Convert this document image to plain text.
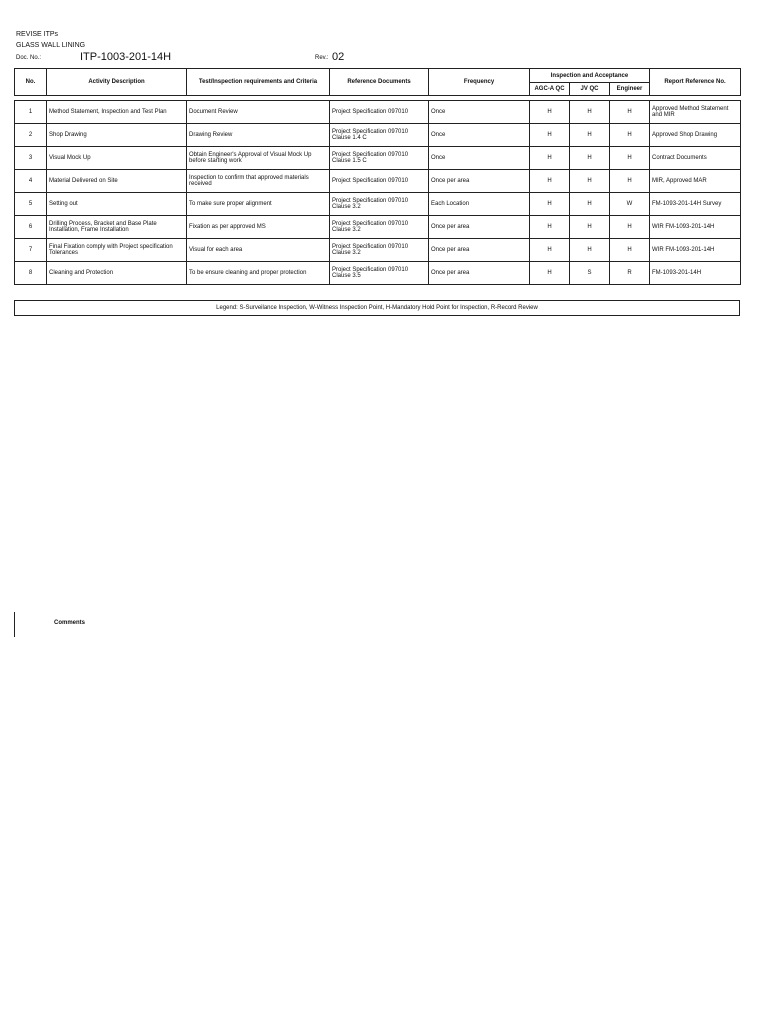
REVISE ITPs
GLASS WALL LINING
Doc. No.:	ITP-1003-201-14H	Rev.: 02
No.	Activity Description	Test/Inspection requirements and Criteria	Reference Documents	Frequency	Inspection and Acceptance			Report Reference No.
					AGC-A QC	JV QC	Engineer	

1	Method Statement, Inspection and Test Plan	Document Review	Project Specification 097010	Once	H	H	H	Approved Method Statement and MIR
2	Shop Drawing	Drawing Review	Project Specification 097010 Clause 1.4 C	Once	H	H	H	Approved Shop Drawing
3	Visual Mock Up	Obtain Engineer's Approval of Visual Mock Up before starting work	Project Specification 097010 Clause 1.5 C	Once	H	H	H	Contract Documents
4	Material Delivered on Site	Inspection to confirm that approved materials received	Project Specification 097010	Once per area	H	H	H	MIR, Approved MAR
5	Setting out	To make sure proper alignment	Project Specification 097010 Clause 3.2	Each Location	H	H	W	FM-1093-201-14H Survey
6	Drilling Process, Bracket and Base Plate Installation, Frame Installation	Fixation as per approved MS	Project Specification 097010 Clause 3.2	Once per area	H	H	H	WIR FM-1093-201-14H
7	Final Fixation comply with Project specification Tolerances	Visual for each area	Project Specification 097010 Clause 3.2	Once per area	H	H	H	WIR FM-1093-201-14H
8	Cleaning and Protection	To be ensure cleaning and proper protection	Project Specification 097010 Clause 3.5	Once per area	H	S	R	FM-1093-201-14H
Legend: S-Surveilance Inspection, W-Witness Inspection Point, H-Mandatory Hold Point for Inspection, R-Record Review
Comments
